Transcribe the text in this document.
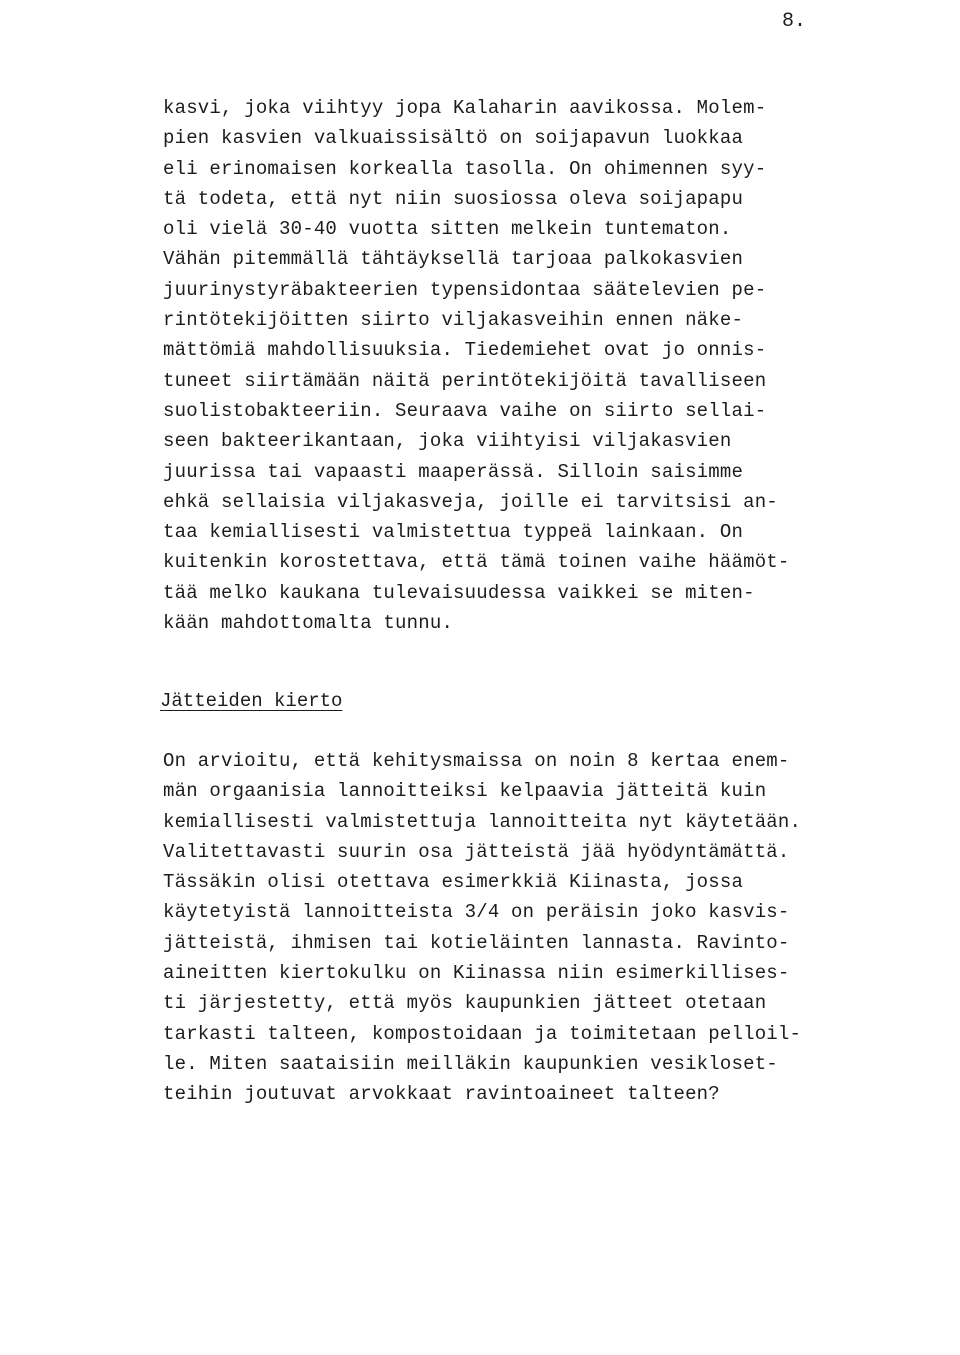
8.
kasvi, joka viihtyy jopa Kalaharin aavikossa. Molem-
pien kasvien valkuaissisältö on soijapavun luokkaa
eli erinomaisen korkealla tasolla. On ohimennen syy-
tä todeta, että nyt niin suosiossa oleva soijapapu
oli vielä 30-40 vuotta sitten melkein tuntematon.
Vähän pitemmällä tähtäyksellä tarjoaa palkokasvien
juurinystyräbakteerien typensidontaa säätelevien pe-
rintötekijöitten siirto viljakasveihin ennen näke-
mättömiä mahdollisuuksia. Tiedemiehet ovat jo onnis-
tuneet siirtämään näitä perintötekijöitä tavalliseen
suolistobakteeriin. Seuraava vaihe on siirto sellai-
seen bakteerikantaan, joka viihtyisi viljakasvien
juurissa tai vapaasti maaperässä. Silloin saisimme
ehkä sellaisia viljakasveja, joille ei tarvitsisi an-
taa kemiallisesti valmistettua typpeä lainkaan. On
kuitenkin korostettava, että tämä toinen vaihe häämöt-
tää melko kaukana tulevaisuudessa vaikkei se miten-
kään mahdottomalta tunnu.
Jätteiden kierto
On arvioitu, että kehitysmaissa on noin 8 kertaa enem-
män orgaanisia lannoitteiksi kelpaavia jätteitä kuin
kemiallisesti valmistettuja lannoitteita nyt käytetään.
Valitettavasti suurin osa jätteistä jää hyödyntämättä.
Tässäkin olisi otettava esimerkkiä Kiinasta, jossa
käytetyistä lannoitteista 3/4 on peräisin joko kasvis-
jätteistä, ihmisen tai kotieläinten lannasta. Ravinto-
aineitten kiertokulku on Kiinassa niin esimerkillises-
ti järjestetty, että myös kaupunkien jätteet otetaan
tarkasti talteen, kompostoidaan ja toimitetaan pelloil-
le. Miten saataisiin meilläkin kaupunkien vesikloset-
teihin joutuvat arvokkaat ravintoaineet talteen?
